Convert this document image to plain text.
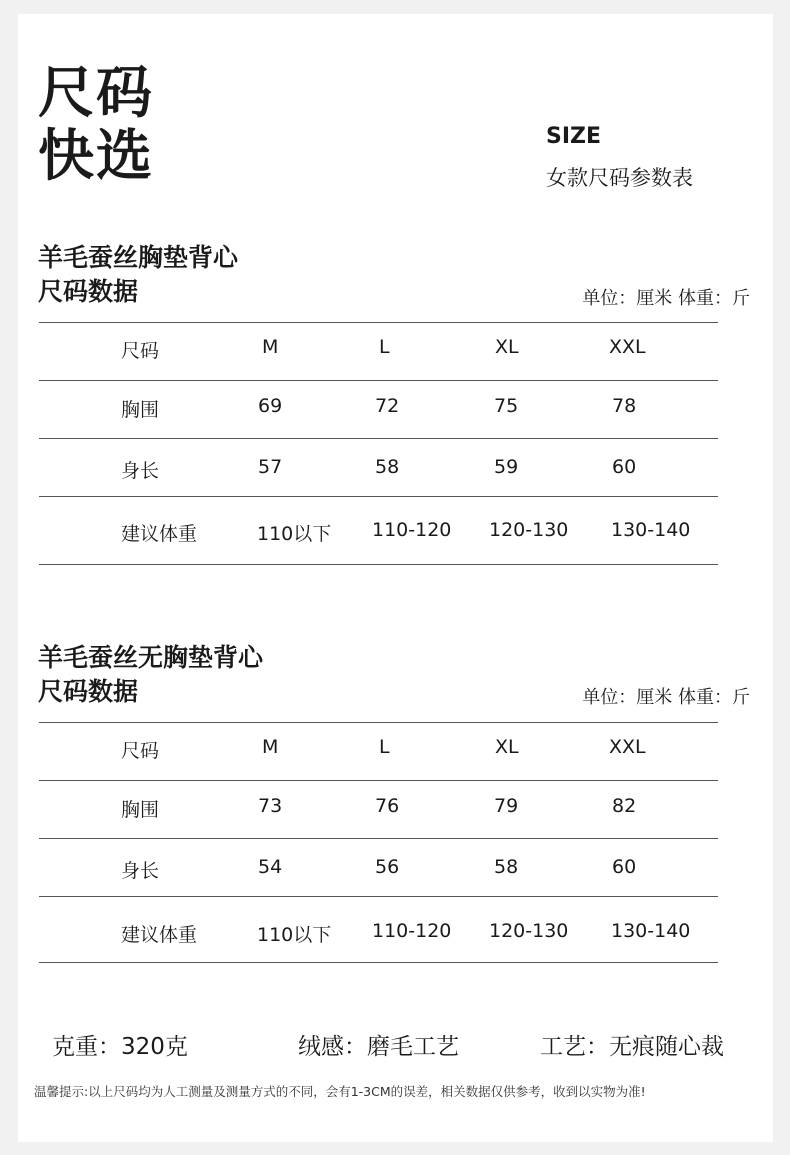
尺码
快选	SIZE
女款尺码参数表
羊毛蚕丝胸垫背心
尺码数据	单位：厘米 体重：斤
尺码	M	L	XL	XXL
胸围	69	72	75	78
身长	57	58	59	60
建议体重	110以下 110-120 120-130 130-140
羊毛蚕丝无胸垫背心
尺码数据	单位：厘米 体重：斤
尺码	M	L	XL	XXL
胸围	73	76	79	82
身长	54	56	58	60
建议体重	110以下 110-120 120-130 130-140
克重：320克	绒感：磨毛工艺	工艺：无痕随心裁
温馨提示:以上尺码均为人工测量及测量方式的不同，会有1-3CM的误差，相关数据仅供参考，收到以实物为准!
